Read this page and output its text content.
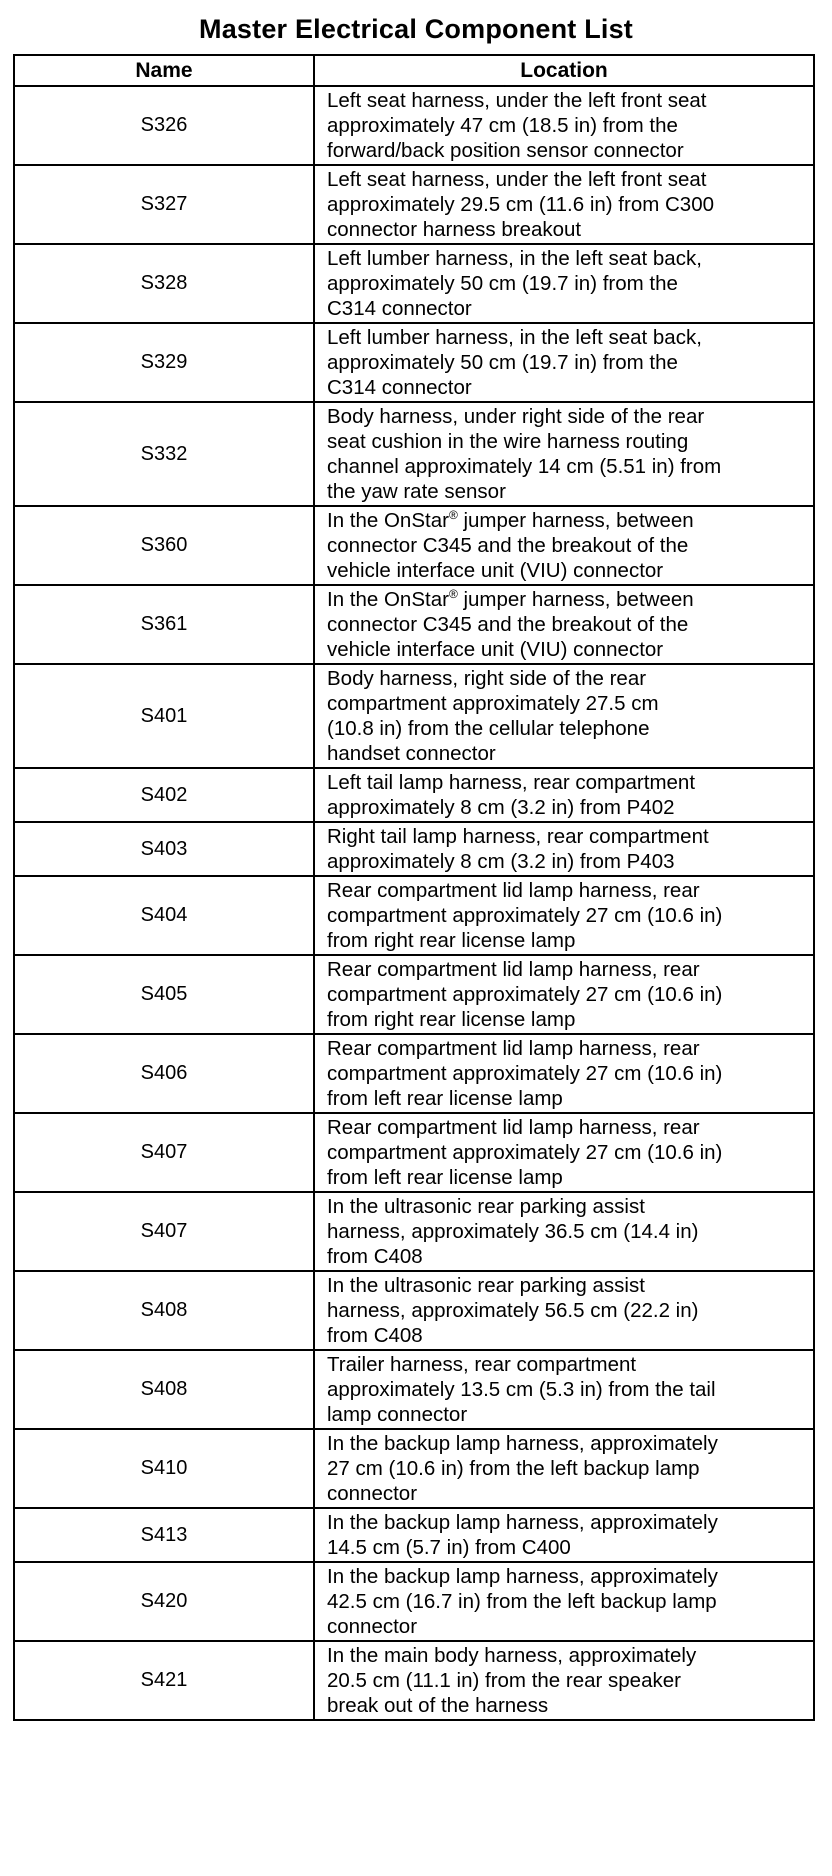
Master Electrical Component List
Name	Location
S326	Left seat harness, under the left front seat
approximately 47 cm (18.5 in) from the
forward/back position sensor connector
S327	Left seat harness, under the left front seat
approximately 29.5 cm (11.6 in) from C300
connector harness breakout
S328	Left lumber harness, in the left seat back,
approximately 50 cm (19.7 in) from the
C314 connector
S329	Left lumber harness, in the left seat back,
approximately 50 cm (19.7 in) from the
C314 connector
S332	Body harness, under right side of the rear
seat cushion in the wire harness routing
channel approximately 14 cm (5.51 in) from
the yaw rate sensor
S360	In the OnStar® jumper harness, between
connector C345 and the breakout of the
vehicle interface unit (VIU) connector
S361	In the OnStar® jumper harness, between
connector C345 and the breakout of the
vehicle interface unit (VIU) connector
S401	Body harness, right side of the rear
compartment approximately 27.5 cm
(10.8 in) from the cellular telephone
handset connector
S402	Left tail lamp harness, rear compartment
approximately 8 cm (3.2 in) from P402
S403	Right tail lamp harness, rear compartment
approximately 8 cm (3.2 in) from P403
S404	Rear compartment lid lamp harness, rear
compartment approximately 27 cm (10.6 in)
from right rear license lamp
S405	Rear compartment lid lamp harness, rear
compartment approximately 27 cm (10.6 in)
from right rear license lamp
S406	Rear compartment lid lamp harness, rear
compartment approximately 27 cm (10.6 in)
from left rear license lamp
S407	Rear compartment lid lamp harness, rear
compartment approximately 27 cm (10.6 in)
from left rear license lamp
S407	In the ultrasonic rear parking assist
harness, approximately 36.5 cm (14.4 in)
from C408
S408	In the ultrasonic rear parking assist
harness, approximately 56.5 cm (22.2 in)
from C408
S408	Trailer harness, rear compartment
approximately 13.5 cm (5.3 in) from the tail
lamp connector
S410	In the backup lamp harness, approximately
27 cm (10.6 in) from the left backup lamp
connector
S413	In the backup lamp harness, approximately
14.5 cm (5.7 in) from C400
S420	In the backup lamp harness, approximately
42.5 cm (16.7 in) from the left backup lamp
connector
S421	In the main body harness, approximately
20.5 cm (11.1 in) from the rear speaker
break out of the harness
